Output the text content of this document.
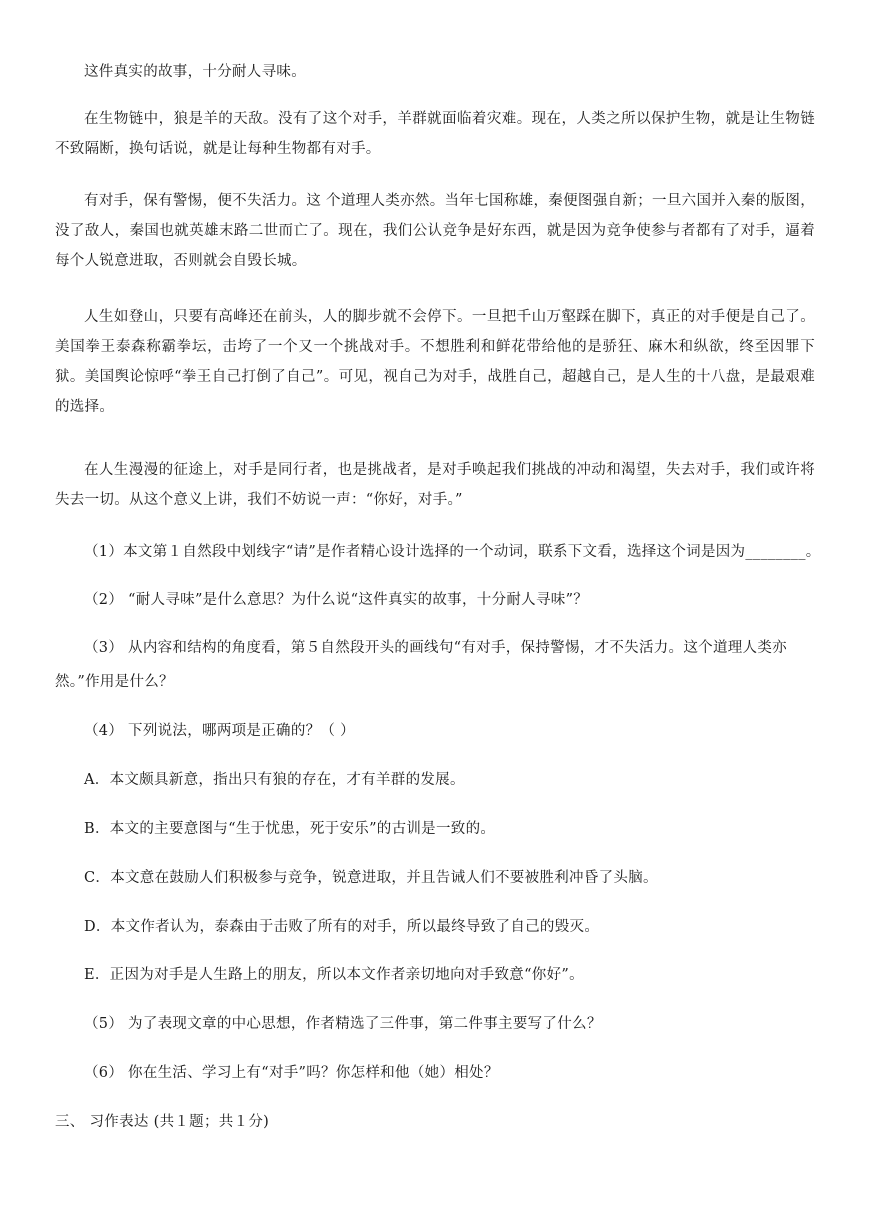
这件真实的故事，十分耐人寻味。

在生物链中，狼是羊的天敌。没有了这个对手，羊群就面临着灾难。现在，人类之所以保护生物，就是让生物链不致隔断，换句话说，就是让每种生物都有对手。

有对手，保有警惕，便不失活力。这 个道理人类亦然。当年七国称雄，秦便图强自新；一旦六国并入秦的版图，没了敌人，秦国也就英雄末路二世而亡了。现在，我们公认竞争是好东西，就是因为竞争使参与者都有了对手，逼着每个人锐意进取，否则就会自毁长城。

人生如登山，只要有高峰还在前头，人的脚步就不会停下。一旦把千山万壑踩在脚下，真正的对手便是自己了。美国拳王泰森称霸拳坛，击垮了一个又一个挑战对手。不想胜利和鲜花带给他的是骄狂、麻木和纵欲，终至因罪下狱。美国舆论惊呼“拳王自己打倒了自己”。可见，视自己为对手，战胜自己，超越自己，是人生的十八盘，是最艰难的选择。

在人生漫漫的征途上，对手是同行者，也是挑战者，是对手唤起我们挑战的冲动和渴望，失去对手，我们或许将失去一切。从这个意义上讲，我们不妨说一声：“你好，对手。”

（1）本文第１自然段中划线字“请”是作者精心设计选择的一个动词，联系下文看，选择这个词是因为________。

（2） “耐人寻味”是什么意思？为什么说“这件真实的故事，十分耐人寻味”？

（3） 从内容和结构的角度看，第５自然段开头的画线句“有对手，保持警惕，才不失活力。这个道理人类亦

然。”作用是什么？

（4） 下列说法，哪两项是正确的？（ ）

A．本文颇具新意，指出只有狼的存在，才有羊群的发展。

B．本文的主要意图与“生于忧患，死于安乐”的古训是一致的。

C．本文意在鼓励人们积极参与竞争，锐意进取，并且告诫人们不要被胜利冲昏了头脑。

D．本文作者认为，泰森由于击败了所有的对手，所以最终导致了自己的毁灭。

E．正因为对手是人生路上的朋友，所以本文作者亲切地向对手致意“你好”。

（5） 为了表现文章的中心思想，作者精选了三件事，第二件事主要写了什么？

（6） 你在生活、学习上有“对手”吗？你怎样和他（她）相处？

三、 习作表达 (共１题；共１分)
